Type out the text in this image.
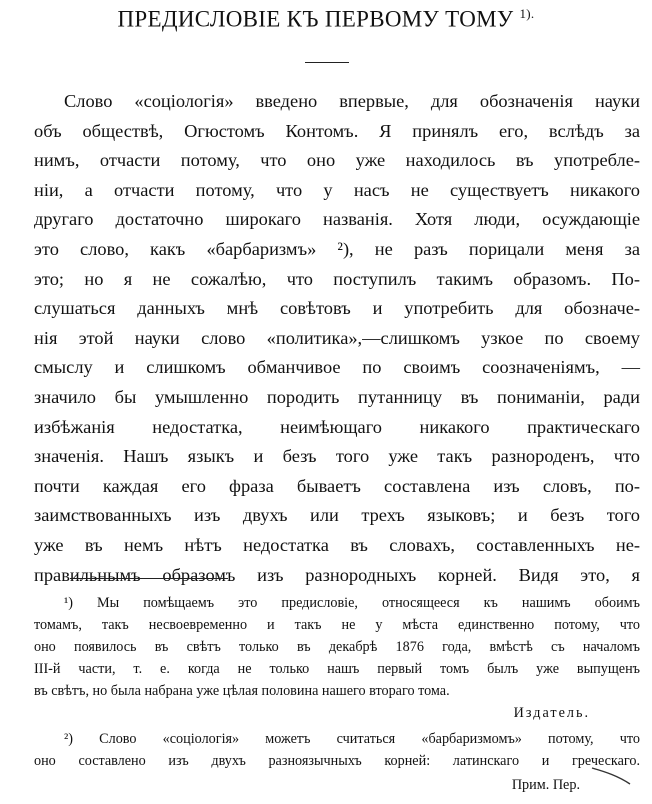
ПРЕДИСЛОВІЕ КЪ ПЕРВОМУ ТОМУ $^{1).}$
Слово «соціологія» введено впервые, для обозначенія науки
объ обществѣ, Огюстомъ Контомъ. Я принялъ его, вслѣдъ за
нимъ, отчасти потому, что оно уже находилось въ употребле-
ніи, а отчасти потому, что у насъ не существуетъ никакого
другаго достаточно широкаго названія. Хотя люди, осуждающіе
это слово, какъ «барбаризмъ» ²), не разъ порицали меня за
это; но я не сожалѣю, что поступилъ такимъ образомъ. По-
слушаться данныхъ мнѣ совѣтовъ и употребить для обозначе-
нія этой науки слово «политика»,—слишкомъ узкое по своему
смыслу и слишкомъ обманчивое по своимъ соозначеніямъ, —
значило бы умышленно породить путанницу въ пониманіи, ради
избѣжанія недостатка, неимѣющаго никакого практическаго
значенія. Нашъ языкъ и безъ того уже такъ разнороденъ, что
почти каждая его фраза бываетъ составлена изъ словъ, по-
заимствованныхъ изъ двухъ или трехъ языковъ; и безъ того
уже въ немъ нѣтъ недостатка въ словахъ, составленныхъ не-
правильнымъ образомъ изъ разнородныхъ корней. Видя это, я
¹) Мы помѣщаемъ это предисловіе, относящееся къ нашимъ обоимъ
томамъ, такъ несвоевременно и такъ не у мѣста единственно потому, что
оно появилось въ свѣтъ только въ декабрѣ 1876 года, вмѣстѣ съ началомъ
III-й части, т. е. когда не только нашъ первый томъ былъ уже выпущенъ
въ свѣтъ, но была набрана уже цѣлая половина нашего втораго тома.
Издатель.
²) Слово «соціологія» можетъ считаться «барбаризмомъ» потому, что
оно составлено изъ двухъ разноязычныхъ корней: латинскаго и греческаго.
Прим. Пер.
